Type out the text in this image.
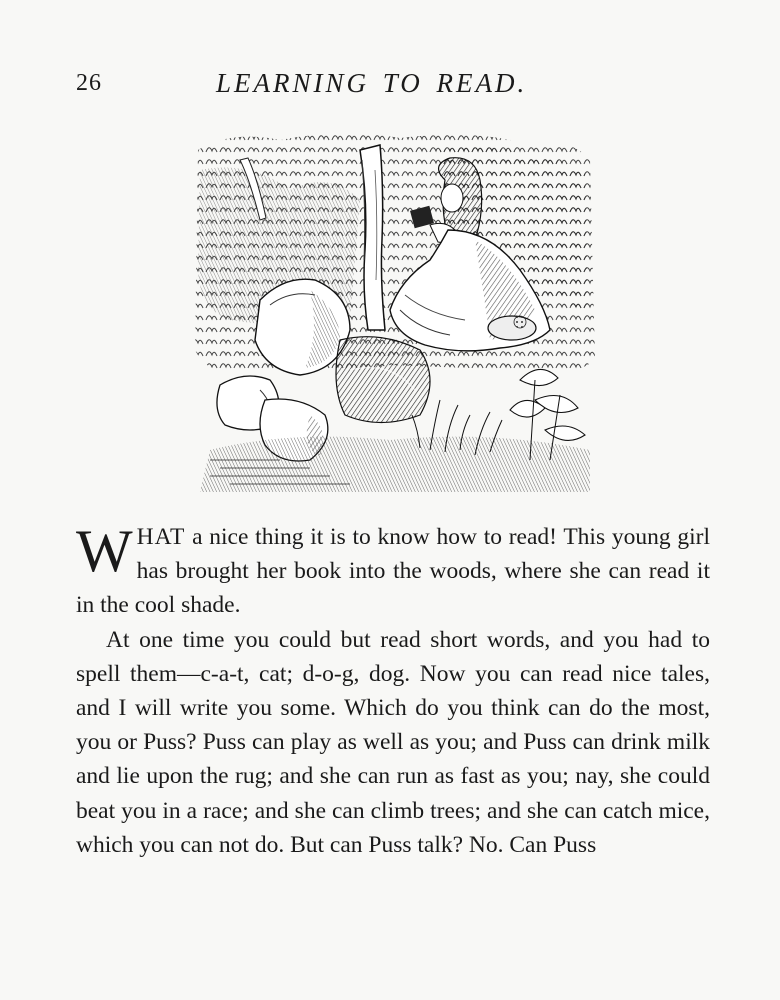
26	LEARNING TO READ.

WHAT a nice thing it is to know how to read! This young girl has brought her book into the woods, where she can read it in the cool shade.

At one time you could but read short words, and you had to spell them—c-a-t, cat; d-o-g, dog. Now you can read nice tales, and I will write you some. Which do you think can do the most, you or Puss? Puss can play as well as you; and Puss can drink milk and lie upon the rug; and she can run as fast as you; nay, she could beat you in a race; and she can climb trees; and she can catch mice, which you can not do. But can Puss talk? No. Can Puss
